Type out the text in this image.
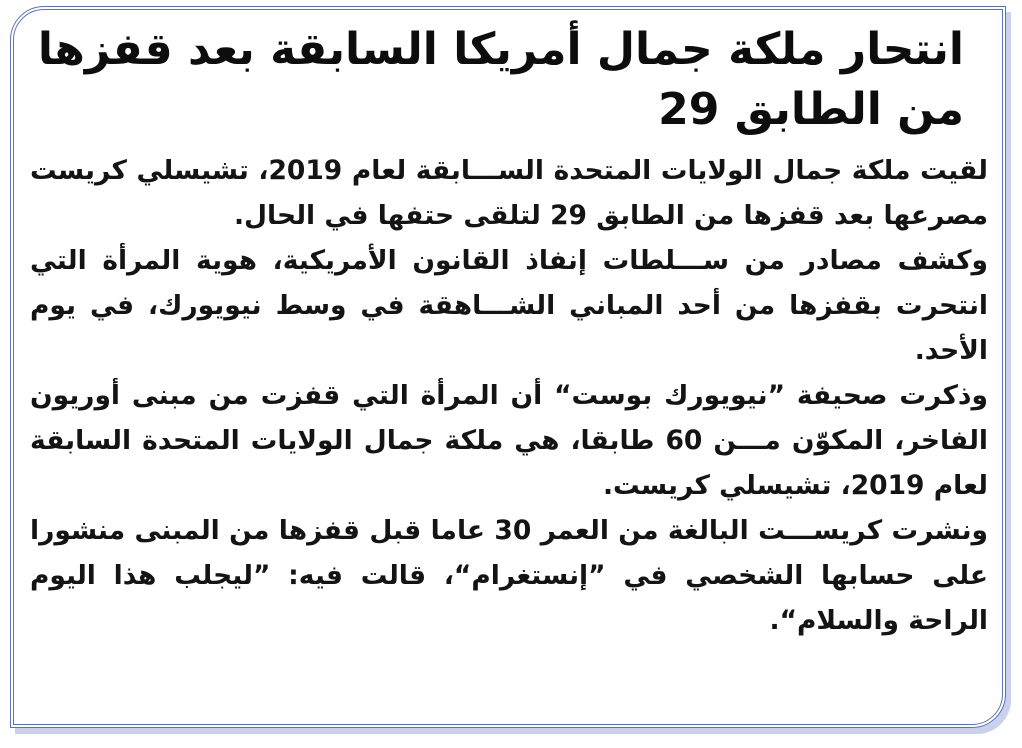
انتحار ملكة جمال أمريكا السابقة بعد قفزها من الطابق 29

لقيت ملكة جمال الولايات المتحدة الســـابقة لعام 2019، تشيسلي كريست مصرعها بعد قفزها من الطابق 29 لتلقى حتفها في الحال.

وكشف مصادر من ســـلطات إنفاذ القانون الأمريكية، هوية المرأة التي انتحرت بقفزها من أحد المباني الشـــاهقة في وسط نيويورك، في يوم الأحد.

وذكرت صحيفة ”نيويورك بوست“ أن المرأة التي قفزت من مبنى أوريون الفاخر، المكوّن مـــن 60 طابقا، هي ملكة جمال الولايات المتحدة السابقة لعام 2019، تشيسلي كريست.

ونشرت كريســـت البالغة من العمر 30 عاما قبل قفزها من المبنى منشورا على حسابها الشخصي في ”إنستغرام“، قالت فيه: ”ليجلب هذا اليوم الراحة والسلام“.
